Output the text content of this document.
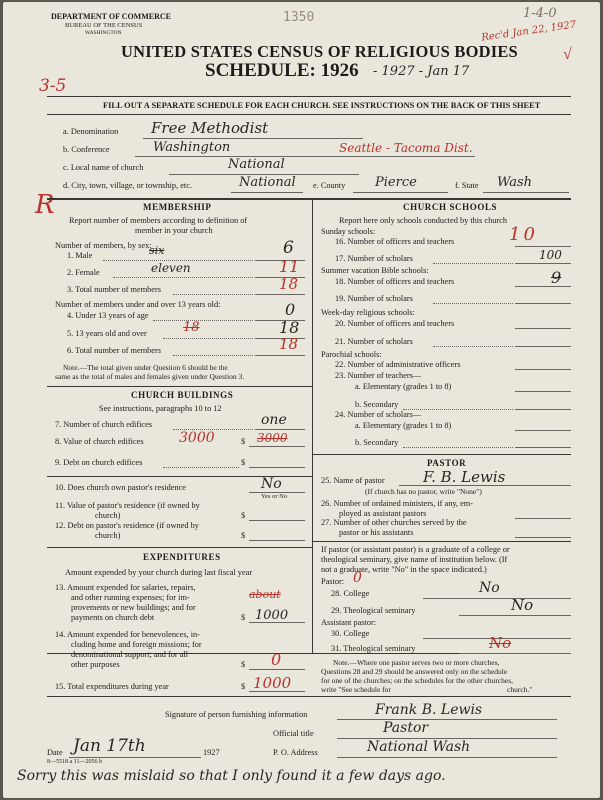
DEPARTMENT OF COMMERCE
BUREAU OF THE CENSUS
WASHINGTON
1350	1-4-0
Rec'd Jan 22, 1927
√
UNITED STATES CENSUS OF RELIGIOUS BODIES
SCHEDULE: 1926 - 1927 - Jan 17
3-5
FILL OUT A SEPARATE SCHEDULE FOR EACH CHURCH. SEE INSTRUCTIONS ON THE BACK OF THIS SHEET
a. Denomination Free Methodist
b. Conference	Washington	Seattle - Tacoma Dist.
c. Local name of church	National
d. City, town, village, or township, etc.	National e. County Pierce	f. State Wash
R	MEMBERSHIP
Report number of members according to definition of
member in your church
Number of members, by sex:
1. Male	six	6
2. Female	eleven	11
3. Total number of members	18
Number of members under and over 13 years old:
4. Under 13 years of age	0
5. 13 years old and over	18	18
6. Total number of members	18
Note.—The total given under Question 6 should be the
same as the total of males and females given under Question 3.
CHURCH BUILDINGS
See instructions, paragraphs 10 to 12
7. Number of church edifices	one
8. Value of church edifices	3000	$ 3000
9. Debt on church edifices	$
10. Does church own pastor's residence	No
Yes or No
11. Value of pastor's residence (if owned by
church)	$
12. Debt on pastor's residence (if owned by
church)	$
EXPENDITURES
Amount expended by your church during last fiscal year
13. Amount expended for salaries, repairs,
and other running expenses; for im-
provements or new buildings; and for
payments on church debt
about
$ 1000
14. Amount expended for benevolences, in-
cluding home and foreign missions; for
denominational support; and for all
other purposes	$ 0
15. Total expenditures during year	$ 1000
CHURCH SCHOOLS
Report here only schools conducted by this church
Sunday schools:
16. Number of officers and teachers	10
17. Number of scholars	100
Summer vacation Bible schools:
18. Number of officers and teachers	9
19. Number of scholars
Week-day religious schools:
20. Number of officers and teachers
21. Number of scholars
Parochial schools:
22. Number of administrative officers
23. Number of teachers—
a. Elementary (grades 1 to 8)
b. Secondary
24. Number of scholars—
a. Elementary (grades 1 to 8)
b. Secondary
PASTOR
25. Name of pastor	F. B. Lewis
(If church has no pastor, write "None")
26. Number of ordained ministers, if any, em-
ployed as assistant pastors
27. Number of other churches served by the
pastor or his assistants
If pastor (or assistant pastor) is a graduate of a college or
theological seminary, give name of institution below. (If
not a graduate, write "No" in the space indicated.)
Pastor: 0
28. College	No
29. Theological seminary	No
Assistant pastor:
30. College
31. Theological seminary	No
Note.—Where one pastor serves two or more churches,
Questions 28 and 29 should be answered only on the schedule
for one of the churches; on the schedules for the other churches,
write "See schedule for	church."
Signature of person furnishing information	Frank B. Lewis
Official title	Pastor
Date Jan 17th	1927	P. O. Address	National Wash
8—5518 a 11—2056 b
Sorry this was mislaid so that I only found it a few days ago.
